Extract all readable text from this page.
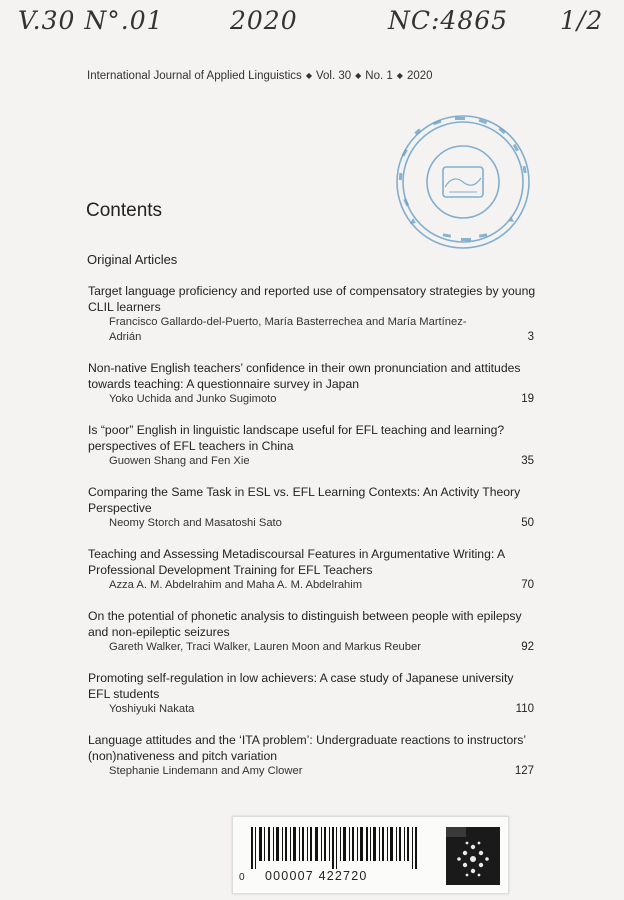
V.30 N°.01	2020	NC:4865 1/2
International Journal of Applied Linguistics ◆ Vol. 30 ◆ No. 1 ◆ 2020
Contents
Original Articles
Target language proficiency and reported use of compensatory strategies by young CLIL learners
Francisco Gallardo-del-Puerto, María Basterrechea and María Martínez-Adrián	3
Non-native English teachers’ confidence in their own pronunciation and attitudes towards teaching: A questionnaire survey in Japan
Yoko Uchida and Junko Sugimoto	19
Is “poor” English in linguistic landscape useful for EFL teaching and learning? perspectives of EFL teachers in China
Guowen Shang and Fen Xie	35
Comparing the Same Task in ESL vs. EFL Learning Contexts: An Activity Theory Perspective
Neomy Storch and Masatoshi Sato	50
Teaching and Assessing Metadiscoursal Features in Argumentative Writing: A Professional Development Training for EFL Teachers
Azza A. M. Abdelrahim and Maha A. M. Abdelrahim	70
On the potential of phonetic analysis to distinguish between people with epilepsy and non-epileptic seizures
Gareth Walker, Traci Walker, Lauren Moon and Markus Reuber	92
Promoting self-regulation in low achievers: A case study of Japanese university EFL students
Yoshiyuki Nakata	110
Language attitudes and the ‘ITA problem’: Undergraduate reactions to instructors’ (non)nativeness and pitch variation
Stephanie Lindemann and Amy Clower	127
0 000007 422720
